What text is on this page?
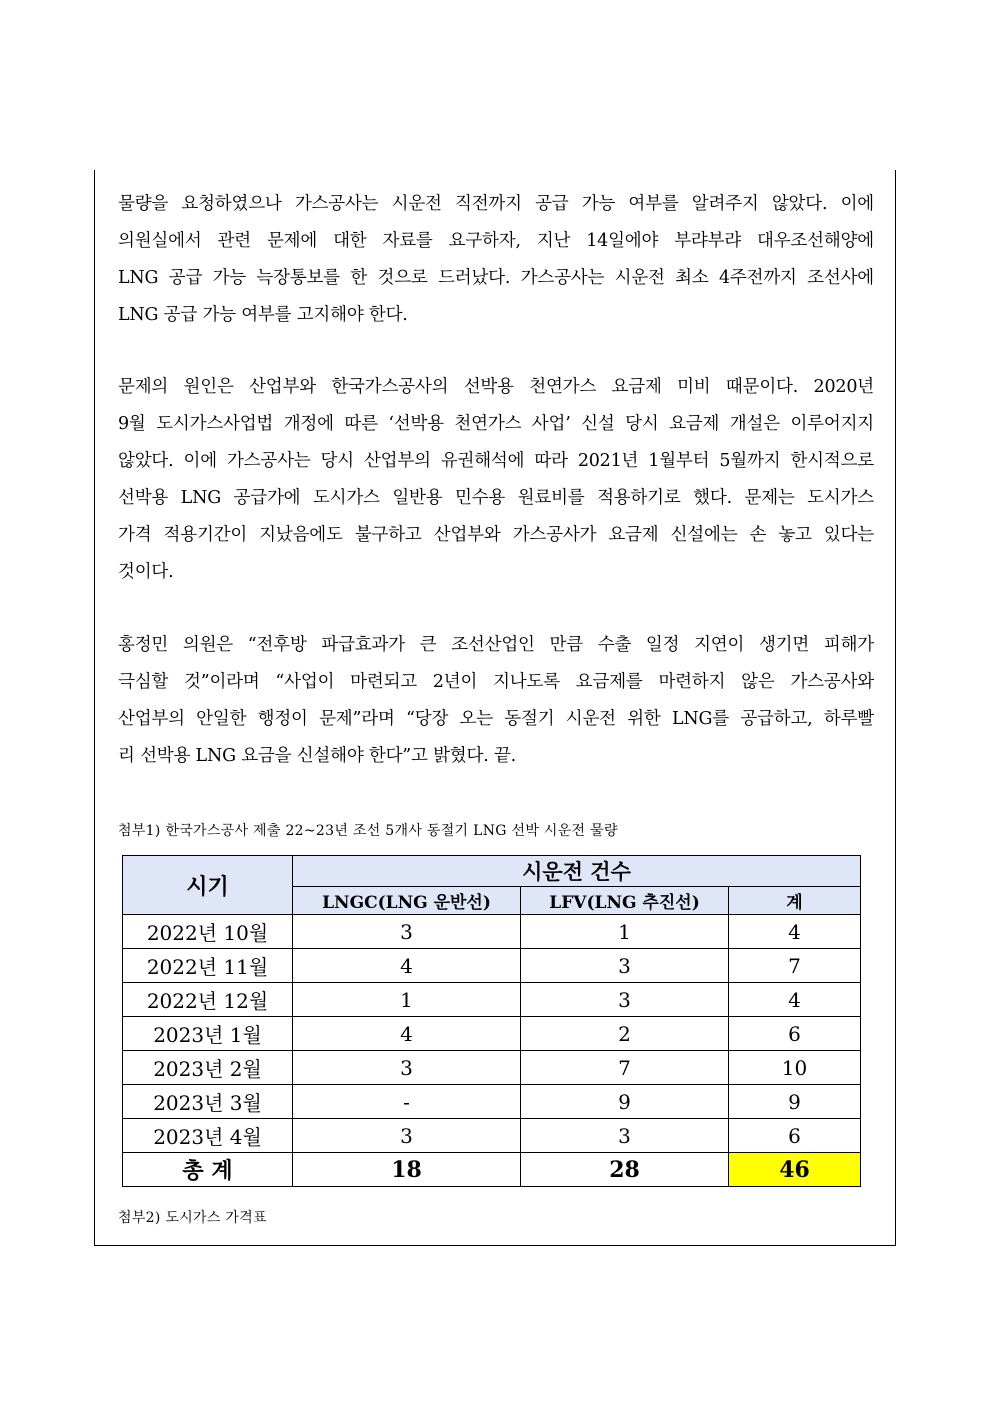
물량을 요청하였으나 가스공사는 시운전 직전까지 공급 가능 여부를 알려주지 않았다. 이에
의원실에서 관련 문제에 대한 자료를 요구하자, 지난 14일에야 부랴부랴 대우조선해양에
LNG 공급 가능 늑장통보를 한 것으로 드러났다. 가스공사는 시운전 최소 4주전까지 조선사에
LNG 공급 가능 여부를 고지해야 한다.
문제의 원인은 산업부와 한국가스공사의 선박용 천연가스 요금제 미비 때문이다. 2020년
9월 도시가스사업법 개정에 따른 ‘선박용 천연가스 사업’ 신설 당시 요금제 개설은 이루어지지
않았다. 이에 가스공사는 당시 산업부의 유권해석에 따라 2021년 1월부터 5월까지 한시적으로
선박용 LNG 공급가에 도시가스 일반용 민수용 원료비를 적용하기로 했다. 문제는 도시가스
가격 적용기간이 지났음에도 불구하고 산업부와 가스공사가 요금제 신설에는 손 놓고 있다는
것이다.
홍정민 의원은 “전후방 파급효과가 큰 조선산업인 만큼 수출 일정 지연이 생기면 피해가
극심할 것”이라며 “사업이 마련되고 2년이 지나도록 요금제를 마련하지 않은 가스공사와
산업부의 안일한 행정이 문제”라며 “당장 오는 동절기 시운전 위한 LNG를 공급하고, 하루빨
리 선박용 LNG 요금을 신설해야 한다”고 밝혔다. 끝.
첨부1) 한국가스공사 제출 22~23년 조선 5개사 동절기 LNG 선박 시운전 물량
시기	시운전 건수		
	LNGC(LNG 운반선)	LFV(LNG 추진선)	계
2022년 10월	3	1	4
2022년 11월	4	3	7
2022년 12월	1	3	4
2023년 1월	4	2	6
2023년 2월	3	7	10
2023년 3월	-	9	9
2023년 4월	3	3	6
총 계	18	28	46
첨부2) 도시가스 가격표
